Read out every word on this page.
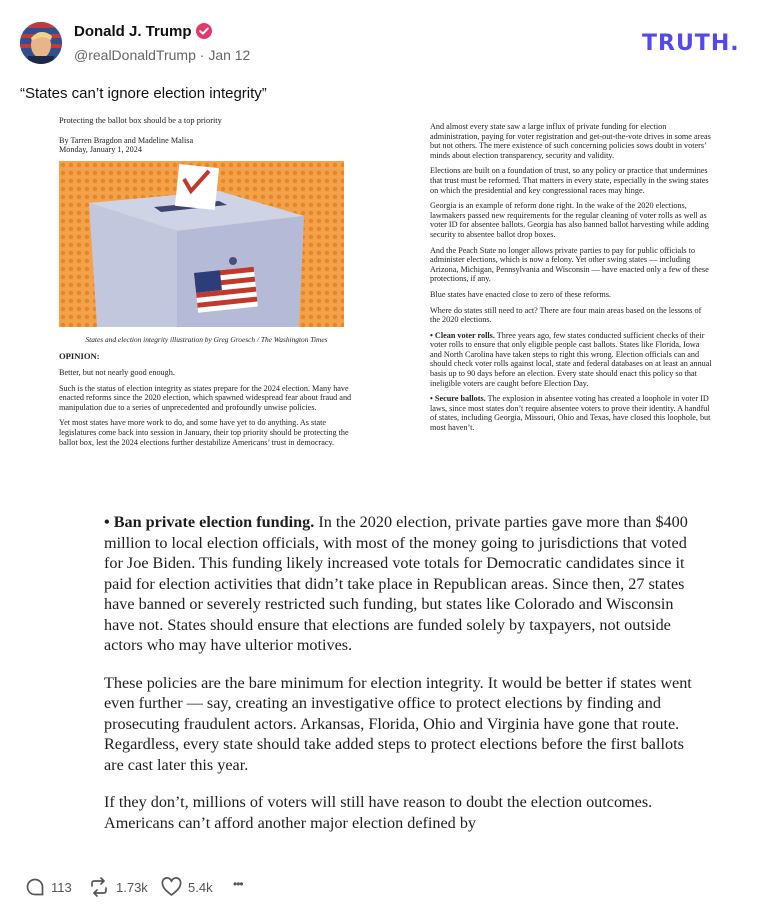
Donald J. Trump
@realDonaldTrump · Jan 12	TRUTH.
“States can’t ignore election integrity”

Protecting the ballot box should be a top priority

By Tarren Bragdon and Madeline Malisa

Monday, January 1, 2024

States and election integrity illustration by Greg Groesch / The Washington Times

OPINION:

Better, but not nearly good enough.

Such is the status of election integrity as states prepare for the 2024 election. Many have enacted reforms since the 2020 election, which spawned widespread fear about fraud and manipulation due to a series of unprecedented and profoundly unwise policies.

Yet most states have more work to do, and some have yet to do anything. As state legislatures come back into session in January, their top priority should be protecting the ballot box, lest the 2024 elections further destabilize Americans’ trust in democracy.

And almost every state saw a large influx of private funding for election administration, paying for voter registration and get-out-the-vote drives in some areas but not others. The mere existence of such concerning policies sows doubt in voters’ minds about election transparency, security and validity.

Elections are built on a foundation of trust, so any policy or practice that undermines that trust must be reformed. That matters in every state, especially in the swing states on which the presidential and key congressional races may hinge.

Georgia is an example of reform done right. In the wake of the 2020 elections, lawmakers passed new requirements for the regular cleaning of voter rolls as well as voter ID for absentee ballots. Georgia has also banned ballot harvesting while adding security to absentee ballot drop boxes.

And the Peach State no longer allows private parties to pay for public officials to administer elections, which is now a felony. Yet other swing states — including Arizona, Michigan, Pennsylvania and Wisconsin — have enacted only a few of these protections, if any.

Blue states have enacted close to zero of these reforms.

Where do states still need to act? There are four main areas based on the lessons of the 2020 elections.

• Clean voter rolls. Three years ago, few states conducted sufficient checks of their voter rolls to ensure that only eligible people cast ballots. States like Florida, Iowa and North Carolina have taken steps to right this wrong. Election officials can and should check voter rolls against local, state and federal databases on at least an annual basis up to 90 days before an election. Every state should enact this policy so that ineligible voters are caught before Election Day.

• Secure ballots. The explosion in absentee voting has created a loophole in voter ID laws, since most states don’t require absentee voters to prove their identity. A handful of states, including Georgia, Missouri, Ohio and Texas, have closed this loophole, but most haven’t.

• Ban private election funding. In the 2020 election, private parties gave more than $400 million to local election officials, with most of the money going to jurisdictions that voted for Joe Biden. This funding likely increased vote totals for Democratic candidates since it paid for election activities that didn’t take place in Republican areas. Since then, 27 states have banned or severely restricted such funding, but states like Colorado and Wisconsin have not. States should ensure that elections are funded solely by taxpayers, not outside actors who may have ulterior motives.

These policies are the bare minimum for election integrity. It would be better if states went even further — say, creating an investigative office to protect elections by finding and prosecuting fraudulent actors. Arkansas, Florida, Ohio and Virginia have gone that route. Regardless, every state should take added steps to protect elections before the first ballots are cast later this year.

If they don’t, millions of voters will still have reason to doubt the election outcomes. Americans can’t afford another major election defined by

113	1.73k	5.4k •••
